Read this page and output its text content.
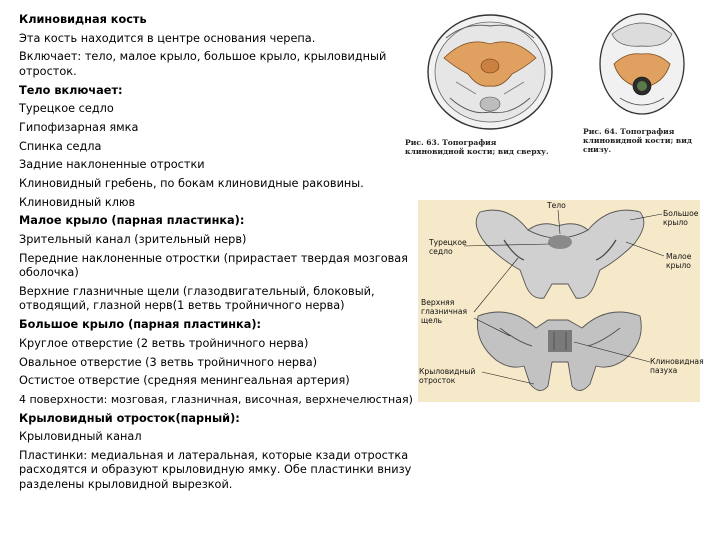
Клиновидная кость

Эта кость находится в центре основания черепа.

Включает: тело, малое крыло, большое крыло, крыловидный отросток.

Тело включает:

Турецкое седло

Гипофизарная ямка

Спинка седла

Задние наклоненные отростки

Клиновидный гребень, по бокам клиновидные раковины.

Клиновидный клюв

Малое крыло (парная пластинка):

Зрительный канал (зрительный нерв)

Передние наклоненные отростки (прирастает твердая мозговая оболочка)

Верхние глазничные щели (глазодвигательный, блоковый, отводящий, глазной нерв(1 ветвь тройничного нерва)

Большое крыло (парная пластинка):

Круглое отверстие (2 ветвь тройничного нерва)

Овальное отверстие (3 ветвь тройничного нерва)

Остистое отверстие (средняя менингеальная артерия)

4 поверхности: мозговая, глазничная, височная, верхнечелюстная)

Крыловидный отросток(парный):

Крыловидный канал

Пластинки: медиальная и латеральная, которые кзади отростка расходятся и образуют крыловидную ямку. Обе пластинки внизу разделены крыловидной вырезкой.

Рис. 63. Топография клиновидной кости; вид сверху.
Рис. 64. Топография клиновидной кости; вид снизу.
Тело
Большое крыло
Турецкое седло
Малое крыло
Верхняя глазничная щель
Крыловидный отросток
Клиновидная пазуха
